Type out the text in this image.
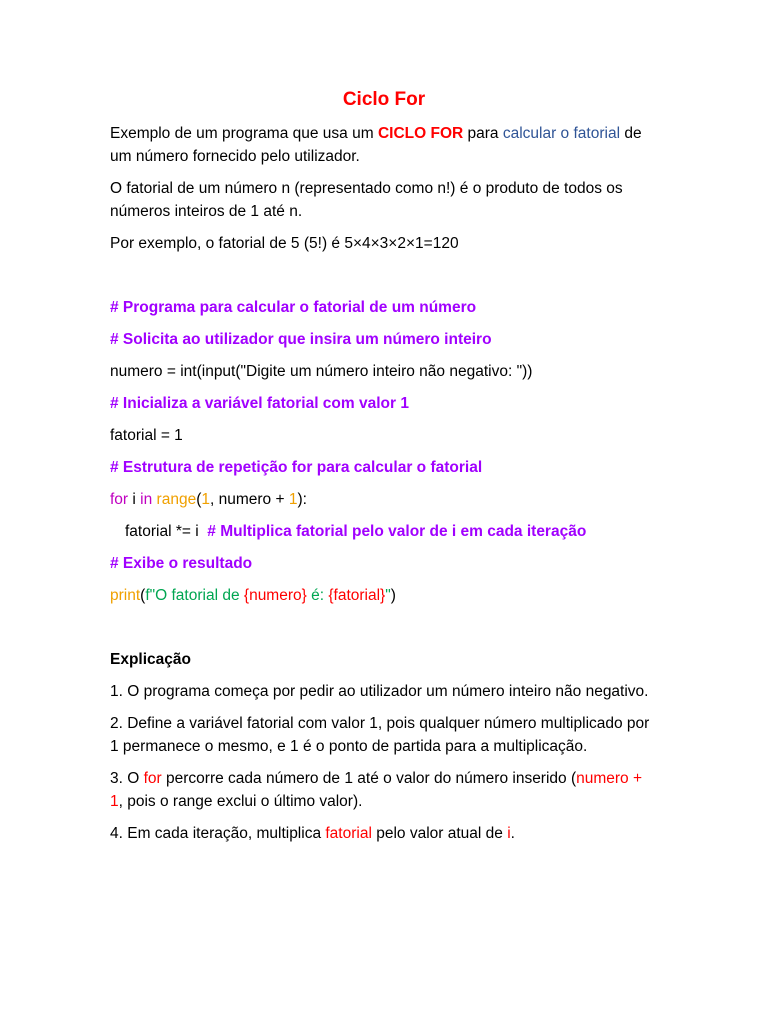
Ciclo For

Exemplo de um programa que usa um CICLO FOR para calcular o fatorial de um número fornecido pelo utilizador.

O fatorial de um número n (representado como n!) é o produto de todos os números inteiros de 1 até n.

Por exemplo, o fatorial de 5 (5!) é 5×4×3×2×1=120

# Programa para calcular o fatorial de um número
# Solicita ao utilizador que insira um número inteiro
numero = int(input("Digite um número inteiro não negativo: "))
# Inicializa a variável fatorial com valor 1
fatorial = 1
# Estrutura de repetição for para calcular o fatorial
for i in range(1, numero + 1):
fatorial *= i  # Multiplica fatorial pelo valor de i em cada iteração
# Exibe o resultado
print(f"O fatorial de {numero} é: {fatorial}")
Explicação

1. O programa começa por pedir ao utilizador um número inteiro não negativo.

2. Define a variável fatorial com valor 1, pois qualquer número multiplicado por 1 permanece o mesmo, e 1 é o ponto de partida para a multiplicação.

3. O for percorre cada número de 1 até o valor do número inserido (numero + 1, pois o range exclui o último valor).

4. Em cada iteração, multiplica fatorial pelo valor atual de i.
